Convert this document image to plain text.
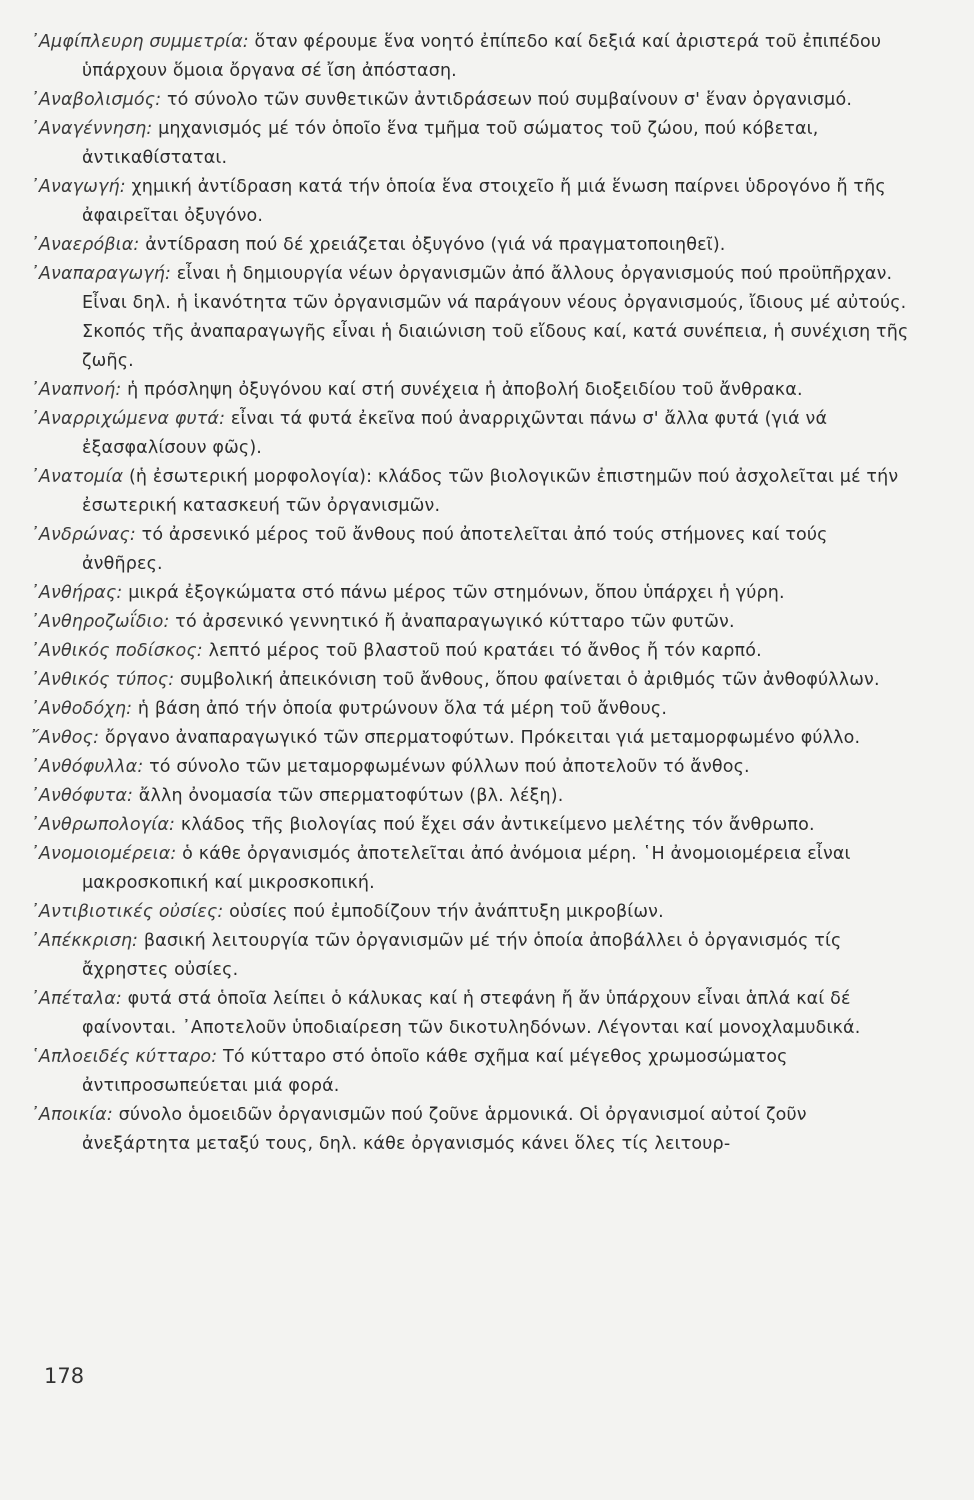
᾿Αμφίπλευρη συμμετρία: ὅταν φέρουμε ἕνα νοητό ἐπίπεδο καί δεξιά καί ἀριστερά τοῦ ἐπιπέδου ὑπάρχουν ὅμοια ὄργανα σέ ἴση ἀπόσταση.

᾿Αναβολισμός: τό σύνολο τῶν συνθετικῶν ἀντιδράσεων πού συμβαίνουν σ' ἕναν ὀργανισμό.

᾿Αναγέννηση: μηχανισμός μέ τόν ὁποῖο ἕνα τμῆμα τοῦ σώματος τοῦ ζώου, πού κόβεται, ἀντικαθίσταται.

᾿Αναγωγή: χημική ἀντίδραση κατά τήν ὁποία ἕνα στοιχεῖο ἤ μιά ἕνωση παίρνει ὑδρογόνο ἤ τῆς ἀφαιρεῖται ὀξυγόνο.

᾿Αναερόβια: ἀντίδραση πού δέ χρειάζεται ὀξυγόνο (γιά νά πραγματοποιηθεῖ).

᾿Αναπαραγωγή: εἶναι ἡ δημιουργία νέων ὀργανισμῶν ἀπό ἄλλους ὀργανισμούς πού προϋπῆρχαν. Εἶναι δηλ. ἡ ἱκανότητα τῶν ὀργανισμῶν νά παράγουν νέους ὀργανισμούς, ἴδιους μέ αὐτούς. Σκοπός τῆς ἀναπαραγωγῆς εἶναι ἡ διαιώνιση τοῦ εἴδους καί, κατά συνέπεια, ἡ συνέχιση τῆς ζωῆς.

᾿Αναπνοή: ἡ πρόσληψη ὀξυγόνου καί στή συνέχεια ἡ ἀποβολή διοξειδίου τοῦ ἄνθρακα.

᾿Αναρριχώμενα φυτά: εἶναι τά φυτά ἐκεῖνα πού ἀναρριχῶνται πάνω σ' ἄλλα φυτά (γιά νά ἐξασφαλίσουν φῶς).

᾿Ανατομία (ἡ ἐσωτερική μορφολογία): κλάδος τῶν βιολογικῶν ἐπιστημῶν πού ἀσχολεῖται μέ τήν ἐσωτερική κατασκευή τῶν ὀργανισμῶν.

᾿Ανδρώνας: τό ἀρσενικό μέρος τοῦ ἄνθους πού ἀποτελεῖται ἀπό τούς στήμονες καί τούς ἀνθῆρες.

᾿Ανθήρας: μικρά ἐξογκώματα στό πάνω μέρος τῶν στημόνων, ὅπου ὑπάρχει ἡ γύρη.

᾿Ανθηροζωΐδιο: τό ἀρσενικό γεννητικό ἤ ἀναπαραγωγικό κύτταρο τῶν φυτῶν.

᾿Ανθικός ποδίσκος: λεπτό μέρος τοῦ βλαστοῦ πού κρατάει τό ἄνθος ἤ τόν καρπό.

᾿Ανθικός τύπος: συμβολική ἀπεικόνιση τοῦ ἄνθους, ὅπου φαίνεται ὁ ἀριθμός τῶν ἀνθοφύλλων.

᾿Ανθοδόχη: ἡ βάση ἀπό τήν ὁποία φυτρώνουν ὅλα τά μέρη τοῦ ἄνθους.

῎Ανθος: ὄργανο ἀναπαραγωγικό τῶν σπερματοφύτων. Πρόκειται γιά μεταμορφωμένο φύλλο.

᾿Ανθόφυλλα: τό σύνολο τῶν μεταμορφωμένων φύλλων πού ἀποτελοῦν τό ἄνθος.

᾿Ανθόφυτα: ἄλλη ὀνομασία τῶν σπερματοφύτων (βλ. λέξη).

᾿Ανθρωπολογία: κλάδος τῆς βιολογίας πού ἔχει σάν ἀντικείμενο μελέτης τόν ἄνθρωπο.

᾿Ανομοιομέρεια: ὁ κάθε ὀργανισμός ἀποτελεῖται ἀπό ἀνόμοια μέρη. ῾Η ἀνομοιομέρεια εἶναι μακροσκοπική καί μικροσκοπική.

᾿Αντιβιοτικές οὐσίες: οὐσίες πού ἐμποδίζουν τήν ἀνάπτυξη μικροβίων.

᾿Απέκκριση: βασική λειτουργία τῶν ὀργανισμῶν μέ τήν ὁποία ἀποβάλλει ὁ ὀργανισμός τίς ἄχρηστες οὐσίες.

᾿Απέταλα: φυτά στά ὁποῖα λείπει ὁ κάλυκας καί ἡ στεφάνη ἤ ἄν ὑπάρχουν εἶναι ἁπλά καί δέ φαίνονται. ᾿Αποτελοῦν ὑποδιαίρεση τῶν δικοτυληδόνων. Λέγονται καί μονοχλαμυδικά.

῾Απλοειδές κύτταρο: Τό κύτταρο στό ὁποῖο κάθε σχῆμα καί μέγεθος χρωμοσώματος ἀντιπροσωπεύεται μιά φορά.

᾿Αποικία: σύνολο ὁμοειδῶν ὀργανισμῶν πού ζοῦνε ἁρμονικά. Οἱ ὀργανισμοί αὐτοί ζοῦν ἀνεξάρτητα μεταξύ τους, δηλ. κάθε ὀργανισμός κάνει ὅλες τίς λειτουρ-

178
